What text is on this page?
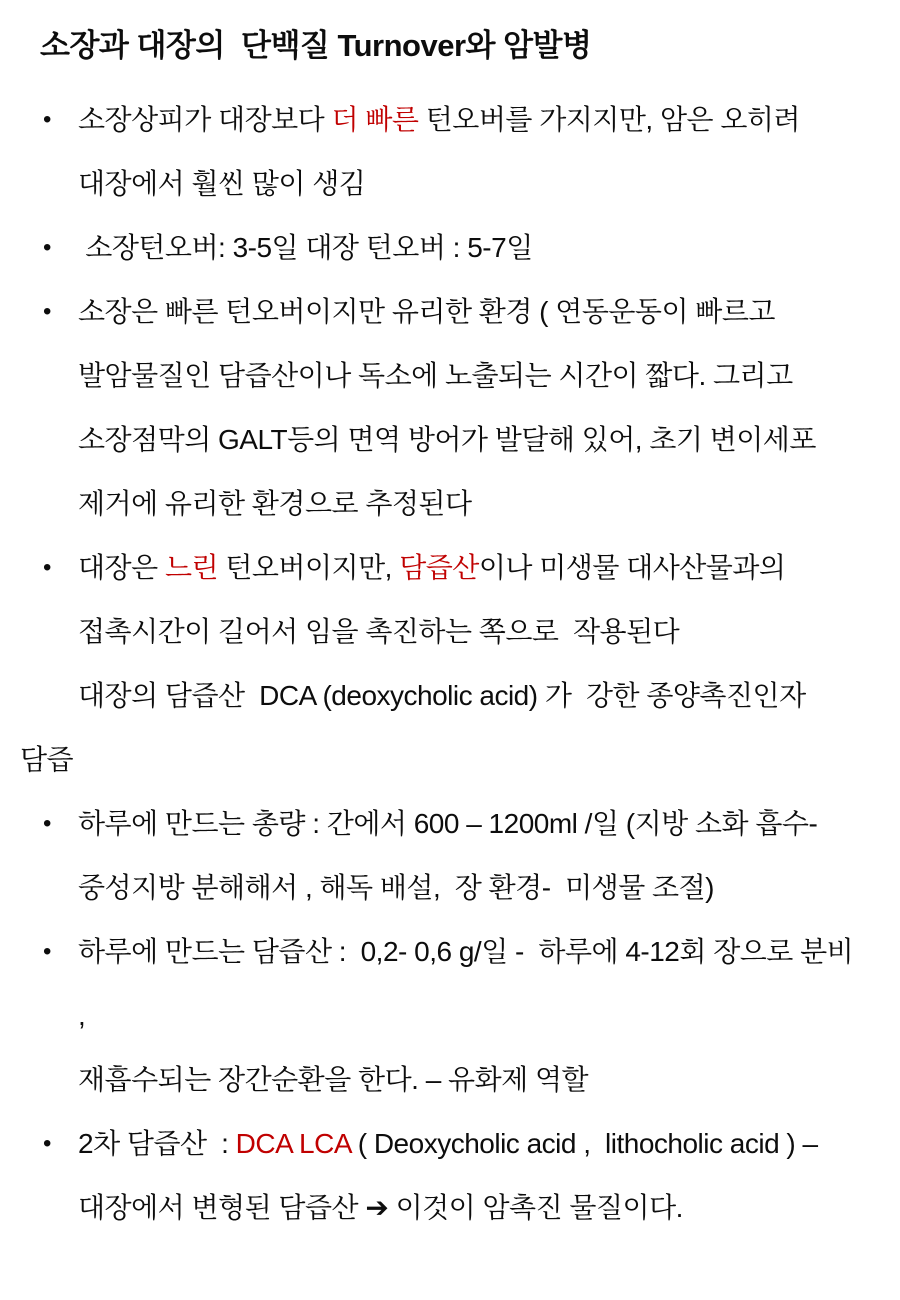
소장과 대장의  단백질 Turnover와 암발병
• 소장상피가 대장보다 더 빠른 턴오버를 가지지만, 암은 오히려
대장에서 훨씬 많이 생김
• 소장턴오버: 3-5일 대장 턴오버 : 5-7일
• 소장은 빠른 턴오버이지만 유리한 환경 ( 연동운동이 빠르고
발암물질인 담즙산이나 독소에 노출되는 시간이 짧다. 그리고
소장점막의 GALT등의 면역 방어가 발달해 있어, 초기 변이세포
제거에 유리한 환경으로 추정된다
• 대장은 느린 턴오버이지만, 담즙산이나 미생물 대사산물과의
접촉시간이 길어서 임을 촉진하는 쪽으로  작용된다
대장의 담즙산  DCA (deoxycholic acid) 가  강한 종양촉진인자
담즙
• 하루에 만드는 총량 : 간에서 600 – 1200ml /일 (지방 소화 흡수-
중성지방 분해해서 , 해독 배설,  장 환경-  미생물 조절)
• 하루에 만드는 담즙산 :  0,2- 0,6 g/일 -  하루에 4-12회 장으로 분비 ,
재흡수되는 장간순환을 한다. – 유화제 역할
• 2차 담즙산  : DCA LCA ( Deoxycholic acid ,  lithocholic acid ) –
대장에서 변형된 담즙산 ➔ 이것이 암촉진 물질이다.
